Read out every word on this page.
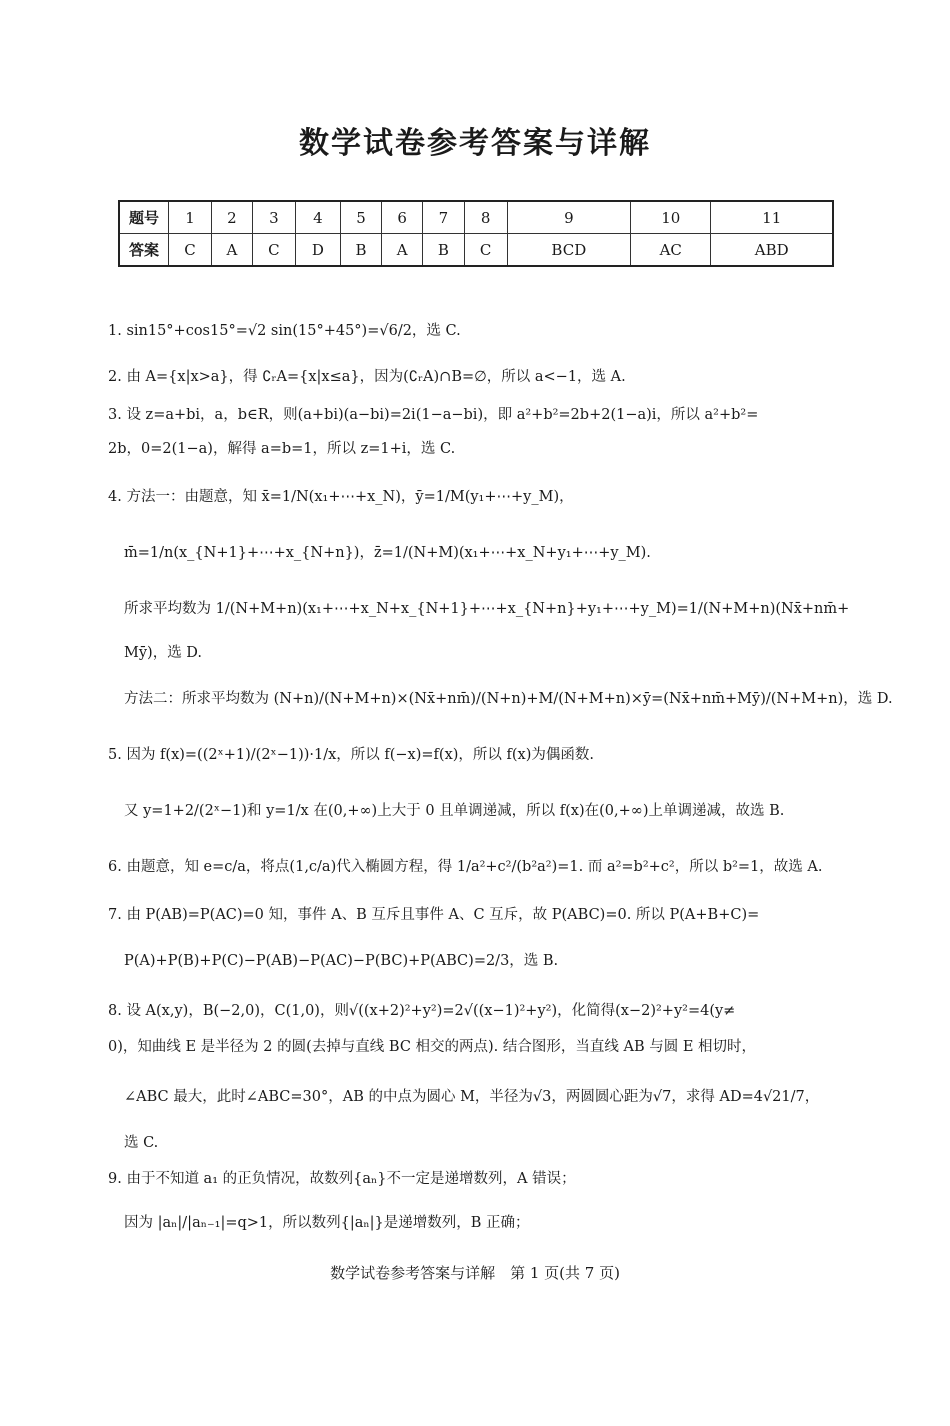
数学试卷参考答案与详解
题号	1	2	3	4	5	6	7	8	9	10	11
答案	C	A	C	D	B	A	B	C	BCD	AC	ABD
1. sin15°+cos15°=√2 sin(15°+45°)=√6/2，选 C.
2. 由 A={x|x>a}，得 ∁ᵣA={x|x≤a}，因为(∁ᵣA)∩B=∅，所以 a<−1，选 A.
3. 设 z=a+bi，a，b∈R，则(a+bi)(a−bi)=2i(1−a−bi)，即 a²+b²=2b+2(1−a)i，所以 a²+b²=
2b，0=2(1−a)，解得 a=b=1，所以 z=1+i，选 C.
4. 方法一：由题意，知 x̄=1/N(x₁+⋯+x_N)，ȳ=1/M(y₁+⋯+y_M)，
m̄=1/n(x_{N+1}+⋯+x_{N+n})，z̄=1/(N+M)(x₁+⋯+x_N+y₁+⋯+y_M).
所求平均数为 1/(N+M+n)(x₁+⋯+x_N+x_{N+1}+⋯+x_{N+n}+y₁+⋯+y_M)=1/(N+M+n)(Nx̄+nm̄+
Mȳ)，选 D.
方法二：所求平均数为 (N+n)/(N+M+n)×(Nx̄+nm̄)/(N+n)+M/(N+M+n)×ȳ=(Nx̄+nm̄+Mȳ)/(N+M+n)，选 D.
5. 因为 f(x)=((2ˣ+1)/(2ˣ−1))·1/x，所以 f(−x)=f(x)，所以 f(x)为偶函数.
又 y=1+2/(2ˣ−1)和 y=1/x 在(0,+∞)上大于 0 且单调递减，所以 f(x)在(0,+∞)上单调递减，故选 B.
6. 由题意，知 e=c/a，将点(1,c/a)代入椭圆方程，得 1/a²+c²/(b²a²)=1. 而 a²=b²+c²，所以 b²=1，故选 A.
7. 由 P(AB)=P(AC)=0 知，事件 A、B 互斥且事件 A、C 互斥，故 P(ABC)=0. 所以 P(A+B+C)=
P(A)+P(B)+P(C)−P(AB)−P(AC)−P(BC)+P(ABC)=2/3，选 B.
8. 设 A(x,y)，B(−2,0)，C(1,0)，则√((x+2)²+y²)=2√((x−1)²+y²)，化简得(x−2)²+y²=4(y≠
0)，知曲线 E 是半径为 2 的圆(去掉与直线 BC 相交的两点). 结合图形，当直线 AB 与圆 E 相切时，
∠ABC 最大，此时∠ABC=30°，AB 的中点为圆心 M，半径为√3，两圆圆心距为√7，求得 AD=4√21/7，
选 C.
9. 由于不知道 a₁ 的正负情况，故数列{aₙ}不一定是递增数列，A 错误；
因为 |aₙ|/|aₙ₋₁|=q>1，所以数列{|aₙ|}是递增数列，B 正确；
数学试卷参考答案与详解　第 1 页(共 7 页)
